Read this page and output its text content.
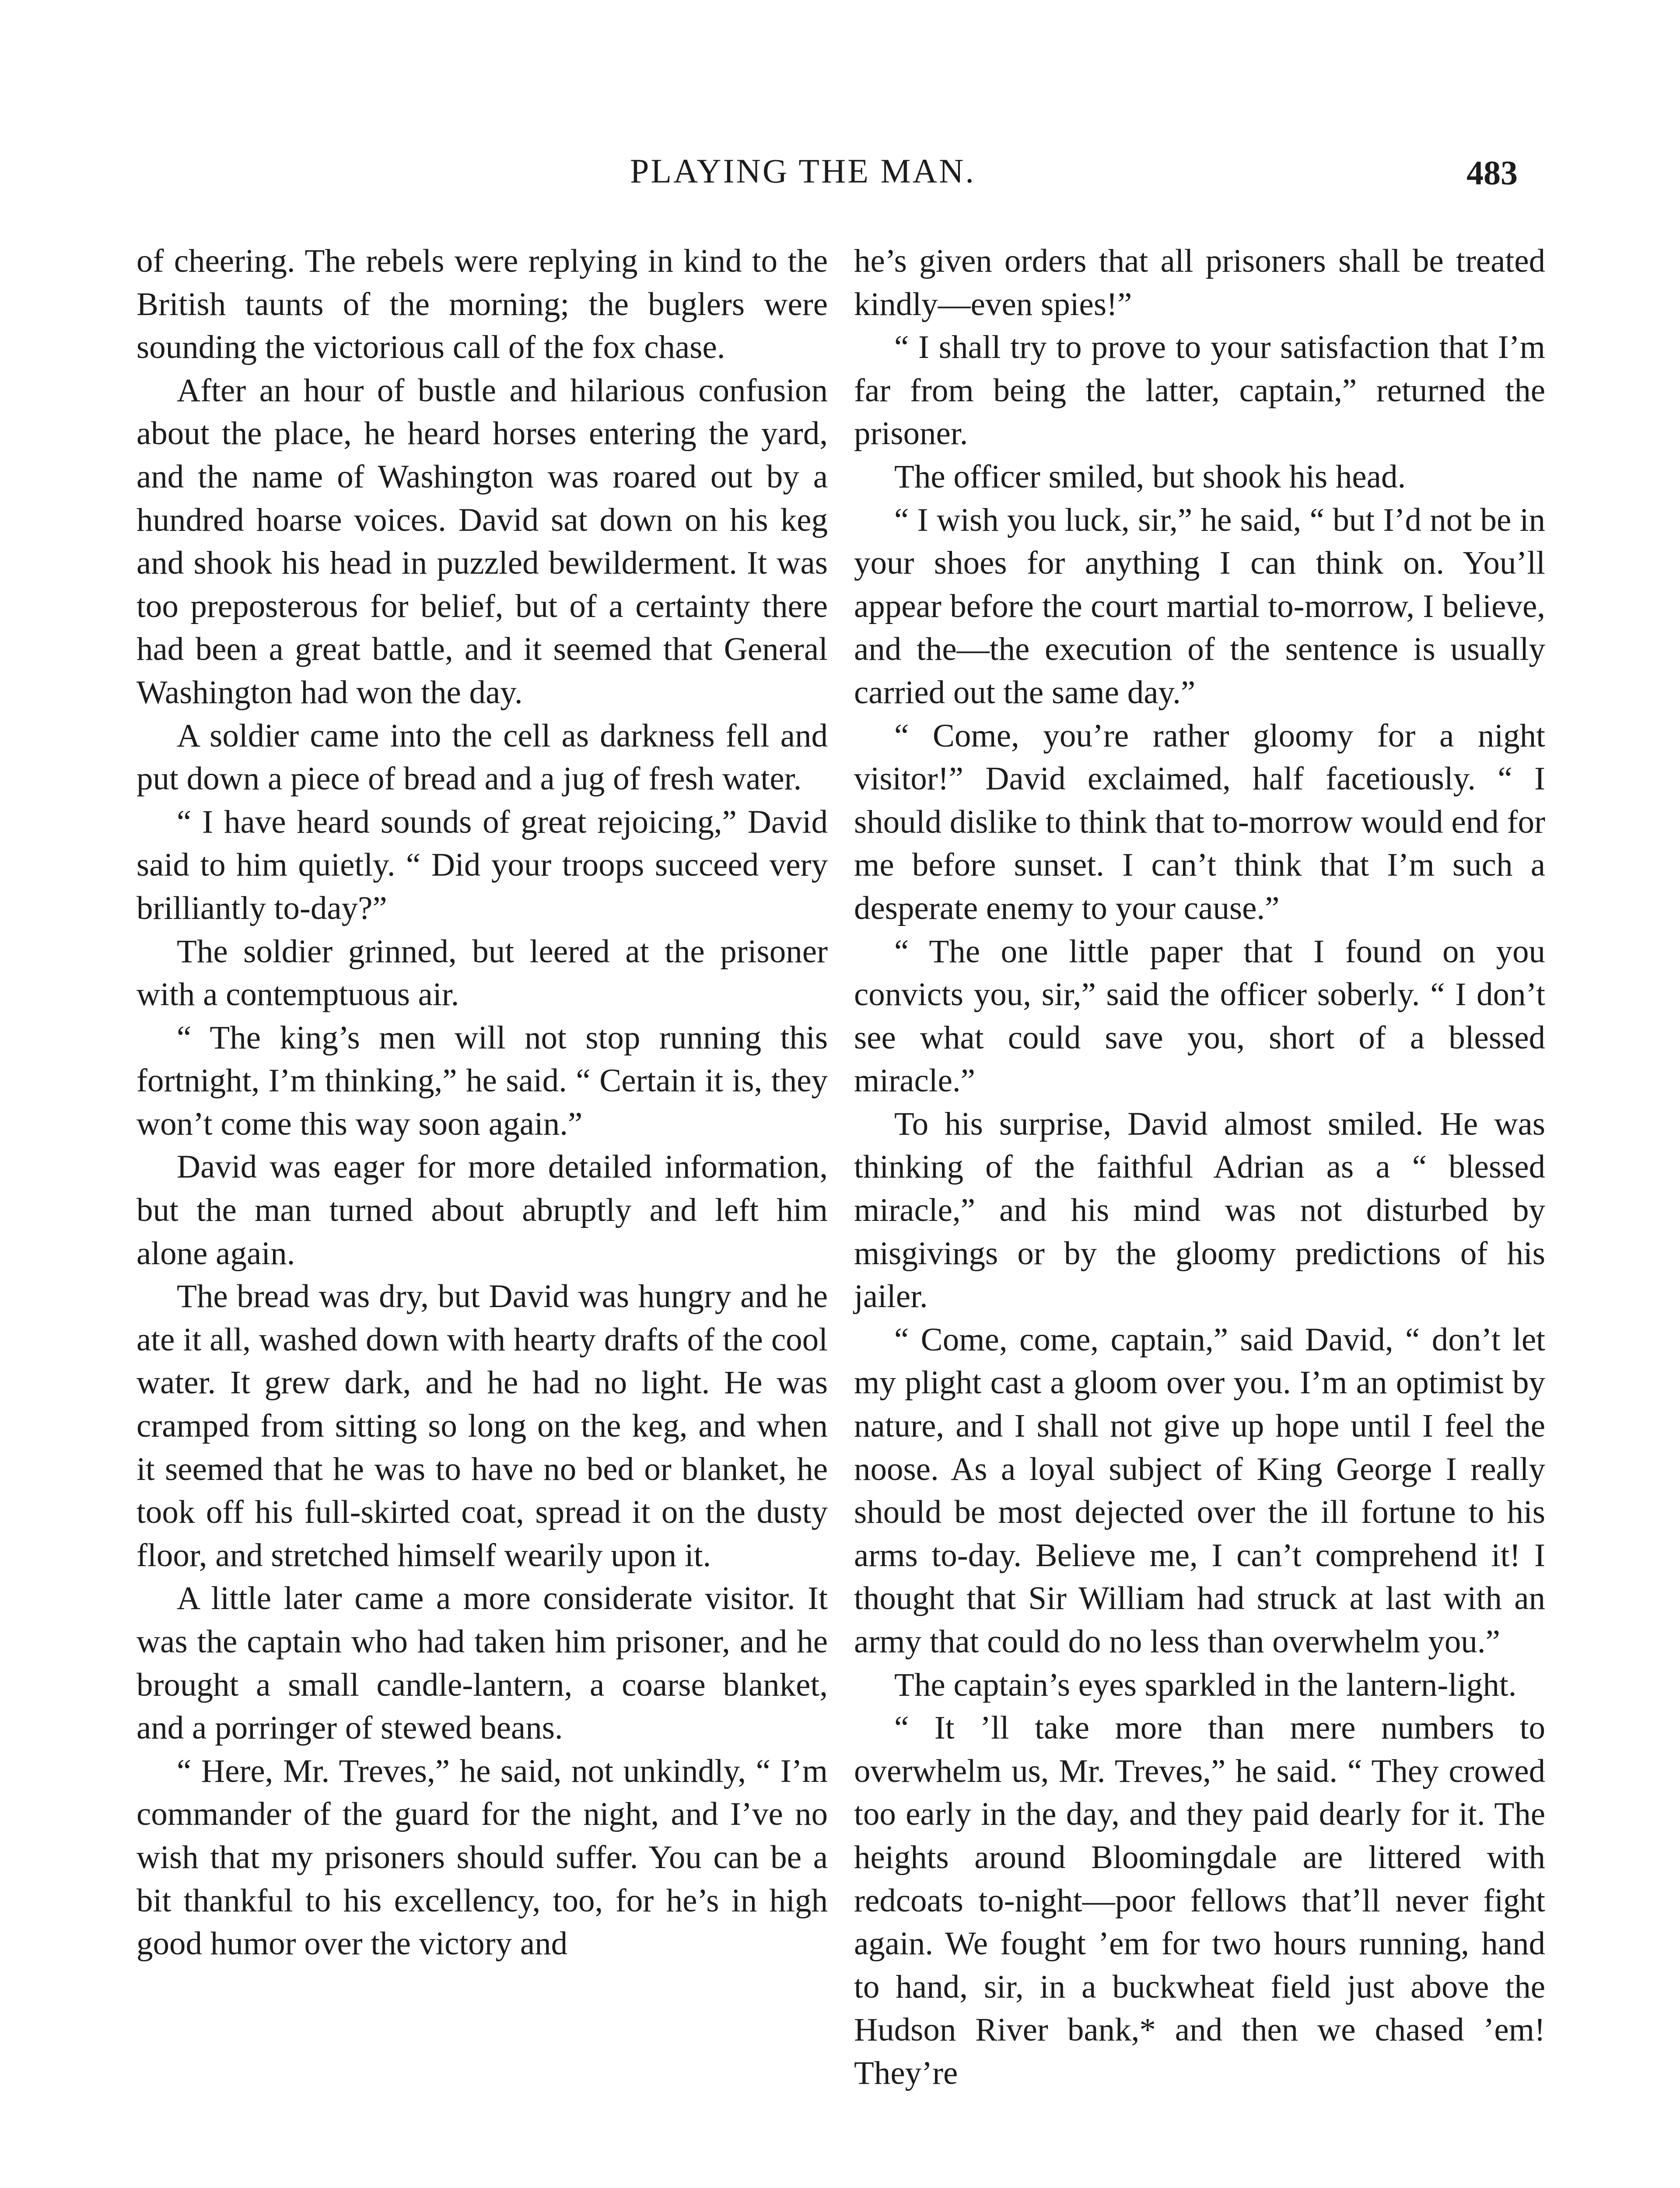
PLAYING THE MAN.	483

of cheering. The rebels were replying in kind to the British taunts of the morning; the buglers were sounding the victorious call of the fox chase.

After an hour of bustle and hilarious confusion about the place, he heard horses entering the yard, and the name of Washington was roared out by a hundred hoarse voices. David sat down on his keg and shook his head in puzzled bewilderment. It was too preposterous for belief, but of a certainty there had been a great battle, and it seemed that General Washington had won the day.

A soldier came into the cell as darkness fell and put down a piece of bread and a jug of fresh water.

“ I have heard sounds of great rejoicing,” David said to him quietly. “ Did your troops succeed very brilliantly to-day?”

The soldier grinned, but leered at the prisoner with a contemptuous air.

“ The king’s men will not stop running this fortnight, I’m thinking,” he said. “ Certain it is, they won’t come this way soon again.”

David was eager for more detailed information, but the man turned about abruptly and left him alone again.

The bread was dry, but David was hungry and he ate it all, washed down with hearty drafts of the cool water. It grew dark, and he had no light. He was cramped from sitting so long on the keg, and when it seemed that he was to have no bed or blanket, he took off his full-skirted coat, spread it on the dusty floor, and stretched himself wearily upon it.

A little later came a more considerate visitor. It was the captain who had taken him prisoner, and he brought a small candle-lantern, a coarse blanket, and a porringer of stewed beans.

“ Here, Mr. Treves,” he said, not unkindly, “ I’m commander of the guard for the night, and I’ve no wish that my prisoners should suffer. You can be a bit thankful to his excellency, too, for he’s in high good humor over the victory and

he’s given orders that all prisoners shall be treated kindly—even spies!”

“ I shall try to prove to your satisfaction that I’m far from being the latter, captain,” returned the prisoner.

The officer smiled, but shook his head.

“ I wish you luck, sir,” he said, “ but I’d not be in your shoes for anything I can think on. You’ll appear before the court martial to-morrow, I believe, and the—the execution of the sentence is usually carried out the same day.”

“ Come, you’re rather gloomy for a night visitor!” David exclaimed, half facetiously. “ I should dislike to think that to-morrow would end for me before sunset. I can’t think that I’m such a desperate enemy to your cause.”

“ The one little paper that I found on you convicts you, sir,” said the officer soberly. “ I don’t see what could save you, short of a blessed miracle.”

To his surprise, David almost smiled. He was thinking of the faithful Adrian as a “ blessed miracle,” and his mind was not disturbed by misgivings or by the gloomy predictions of his jailer.

“ Come, come, captain,” said David, “ don’t let my plight cast a gloom over you. I’m an optimist by nature, and I shall not give up hope until I feel the noose. As a loyal subject of King George I really should be most dejected over the ill fortune to his arms to-day. Believe me, I can’t comprehend it! I thought that Sir William had struck at last with an army that could do no less than overwhelm you.”

The captain’s eyes sparkled in the lantern-light.

“ It ’ll take more than mere numbers to overwhelm us, Mr. Treves,” he said. “ They crowed too early in the day, and they paid dearly for it. The heights around Bloomingdale are littered with redcoats to-night—poor fellows that’ll never fight again. We fought ’em for two hours running, hand to hand, sir, in a buckwheat field just above the Hudson River bank,* and then we chased ’em! They’re
